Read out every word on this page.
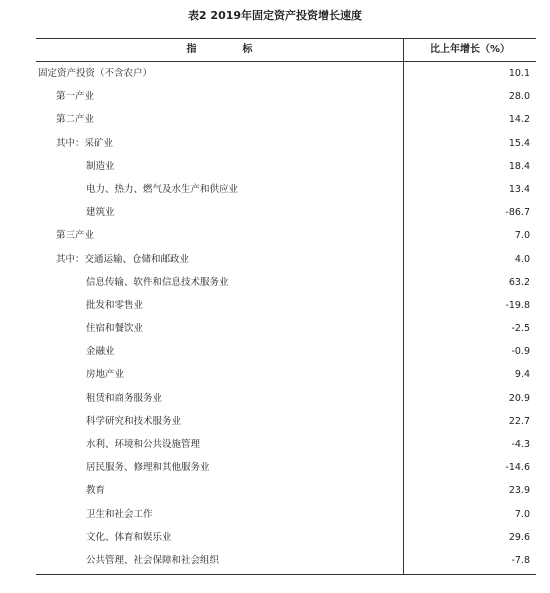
表2 2019年固定资产投资增长速度
指　标	比上年增长（%）
固定资产投资（不含农户）	10.1
第一产业	28.0
第二产业	14.2
其中：采矿业	15.4
制造业	18.4
电力、热力、燃气及水生产和供应业	13.4
建筑业	-86.7
第三产业	7.0
其中：交通运输、仓储和邮政业	4.0
信息传输、软件和信息技术服务业	63.2
批发和零售业	-19.8
住宿和餐饮业	-2.5
金融业	-0.9
房地产业	9.4
租赁和商务服务业	20.9
科学研究和技术服务业	22.7
水利、环境和公共设施管理	-4.3
居民服务、修理和其他服务业	-14.6
教育	23.9
卫生和社会工作	7.0
文化、体育和娱乐业	29.6
公共管理、社会保障和社会组织	-7.8
